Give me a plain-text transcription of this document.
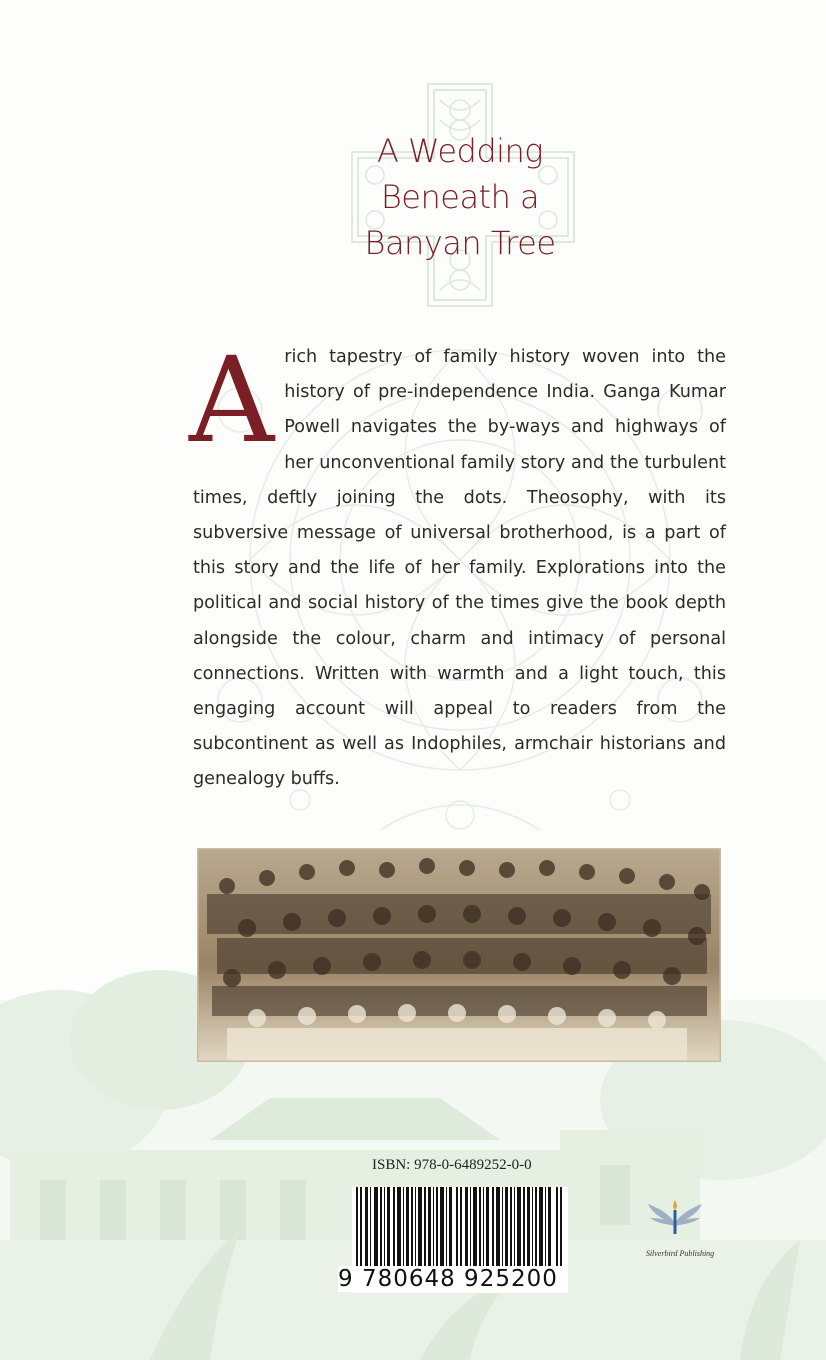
A Wedding
Beneath a
Banyan Tree
A rich tapestry of family history woven into the history of pre-independence India. Ganga Kumar Powell navigates the by-ways and highways of her unconventional family story and the turbulent times, deftly joining the dots. Theosophy, with its subversive message of universal brotherhood, is a part of this story and the life of her family. Explorations into the political and social history of the times give the book depth alongside the colour, charm and intimacy of personal connections. Written with warmth and a light touch, this engaging account will appeal to readers from the subcontinent as well as Indophiles, armchair historians and genealogy buffs.
ISBN: 978-0-6489252-0-0
9 780648 925200
Silverbird Publishing
